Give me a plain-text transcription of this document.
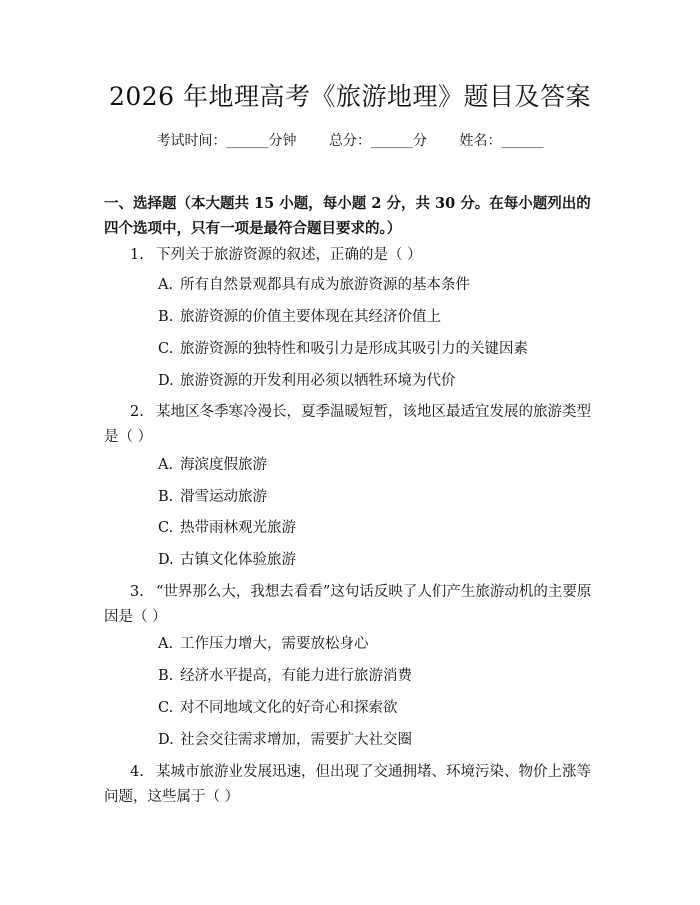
2026 年地理高考《旅游地理》题目及答案
考试时间：______分钟 总分：______分 姓名：______
一、选择题（本大题共 15 小题，每小题 2 分，共 30 分。在每小题列出的四个选项中，只有一项是最符合题目要求的。）
1. 下列关于旅游资源的叙述，正确的是（ ）
A. 所有自然景观都具有成为旅游资源的基本条件
B. 旅游资源的价值主要体现在其经济价值上
C. 旅游资源的独特性和吸引力是形成其吸引力的关键因素
D. 旅游资源的开发利用必须以牺牲环境为代价
2. 某地区冬季寒冷漫长，夏季温暖短暂，该地区最适宜发展的旅游类型是（ ）
A. 海滨度假旅游
B. 滑雪运动旅游
C. 热带雨林观光旅游
D. 古镇文化体验旅游
3. “世界那么大，我想去看看”这句话反映了人们产生旅游动机的主要原因是（ ）
A. 工作压力增大，需要放松身心
B. 经济水平提高，有能力进行旅游消费
C. 对不同地域文化的好奇心和探索欲
D. 社会交往需求增加，需要扩大社交圈
4. 某城市旅游业发展迅速，但出现了交通拥堵、环境污染、物价上涨等问题，这些属于（ ）
